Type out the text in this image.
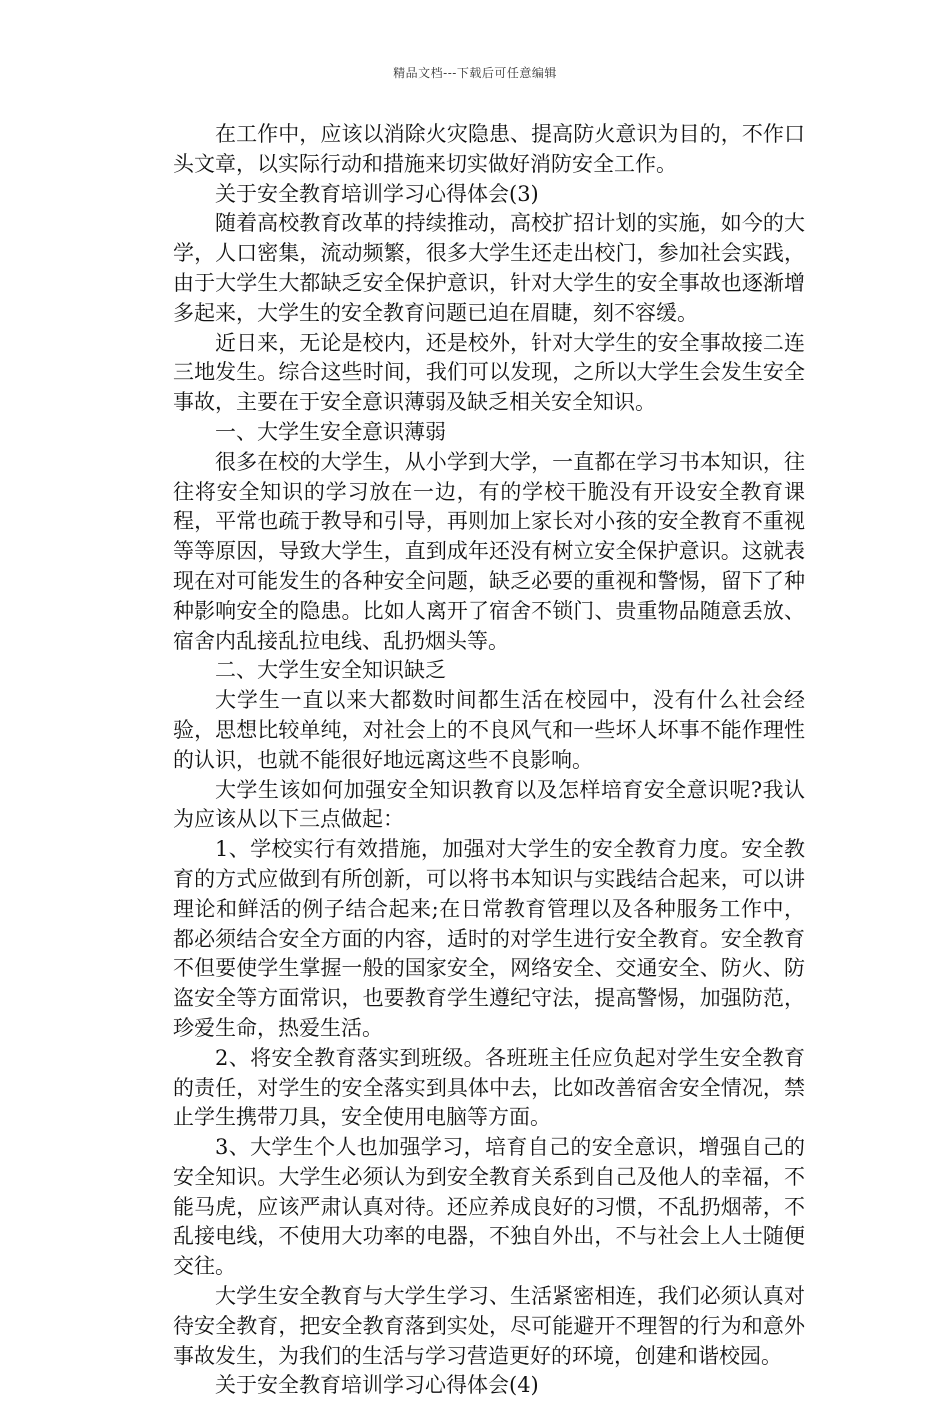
精品文档---下载后可任意编辑

在工作中，应该以消除火灾隐患、提高防火意识为目的，不作口头文章，以实际行动和措施来切实做好消防安全工作。

关于安全教育培训学习心得体会(3)

随着高校教育改革的持续推动，高校扩招计划的实施，如今的大学，人口密集，流动频繁，很多大学生还走出校门，参加社会实践，由于大学生大都缺乏安全保护意识，针对大学生的安全事故也逐渐增多起来，大学生的安全教育问题已迫在眉睫，刻不容缓。

近日来，无论是校内，还是校外，针对大学生的安全事故接二连三地发生。综合这些时间，我们可以发现，之所以大学生会发生安全事故，主要在于安全意识薄弱及缺乏相关安全知识。

一、大学生安全意识薄弱

很多在校的大学生，从小学到大学，一直都在学习书本知识，往往将安全知识的学习放在一边，有的学校干脆没有开设安全教育课程，平常也疏于教导和引导，再则加上家长对小孩的安全教育不重视等等原因，导致大学生，直到成年还没有树立安全保护意识。这就表现在对可能发生的各种安全问题，缺乏必要的重视和警惕，留下了种种影响安全的隐患。比如人离开了宿舍不锁门、贵重物品随意丢放、宿舍内乱接乱拉电线、乱扔烟头等。

二、大学生安全知识缺乏

大学生一直以来大都数时间都生活在校园中，没有什么社会经验，思想比较单纯，对社会上的不良风气和一些坏人坏事不能作理性的认识，也就不能很好地远离这些不良影响。

大学生该如何加强安全知识教育以及怎样培育安全意识呢?我认为应该从以下三点做起：

1、学校实行有效措施，加强对大学生的安全教育力度。安全教育的方式应做到有所创新，可以将书本知识与实践结合起来，可以讲理论和鲜活的例子结合起来;在日常教育管理以及各种服务工作中，都必须结合安全方面的内容，适时的对学生进行安全教育。安全教育不但要使学生掌握一般的国家安全，网络安全、交通安全、防火、防盗安全等方面常识，也要教育学生遵纪守法，提高警惕，加强防范，珍爱生命，热爱生活。

2、将安全教育落实到班级。各班班主任应负起对学生安全教育的责任，对学生的安全落实到具体中去，比如改善宿舍安全情况，禁止学生携带刀具，安全使用电脑等方面。

3、大学生个人也加强学习，培育自己的安全意识，增强自己的安全知识。大学生必须认为到安全教育关系到自己及他人的幸福，不能马虎，应该严肃认真对待。还应养成良好的习惯，不乱扔烟蒂，不乱接电线，不使用大功率的电器，不独自外出，不与社会上人士随便交往。

大学生安全教育与大学生学习、生活紧密相连，我们必须认真对待安全教育，把安全教育落到实处，尽可能避开不理智的行为和意外事故发生，为我们的生活与学习营造更好的环境，创建和谐校园。

关于安全教育培训学习心得体会(4)
